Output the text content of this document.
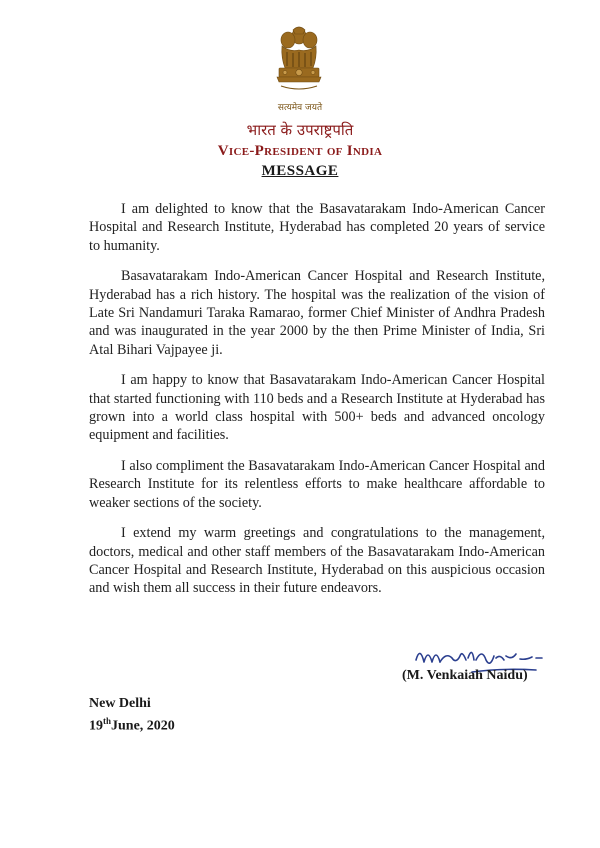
सत्यमेव जयते
भारत के उपराष्ट्रपति
Vice-President of India
MESSAGE

I am delighted to know that the Basavatarakam Indo-American Cancer Hospital and Research Institute, Hyderabad has completed 20 years of service to humanity.

Basavatarakam Indo-American Cancer Hospital and Research Institute, Hyderabad has a rich history. The hospital was the realization of the vision of Late Sri Nandamuri Taraka Ramarao, former Chief Minister of Andhra Pradesh and was inaugurated in the year 2000 by the then Prime Minister of India, Sri Atal Bihari Vajpayee ji.

I am happy to know that Basavatarakam Indo-American Cancer Hospital that started functioning with 110 beds and a Research Institute at Hyderabad has grown into a world class hospital with 500+ beds and advanced oncology equipment and facilities.

I also compliment the Basavatarakam Indo-American Cancer Hospital and Research Institute for its relentless efforts to make healthcare affordable to weaker sections of the society.

I extend my warm greetings and congratulations to the management, doctors, medical and other staff members of the Basavatarakam Indo-American Cancer Hospital and Research Institute, Hyderabad on this auspicious occasion and wish them all success in their future endeavors.

(M. Venkaiah Naidu)
New Delhi
19thJune, 2020
